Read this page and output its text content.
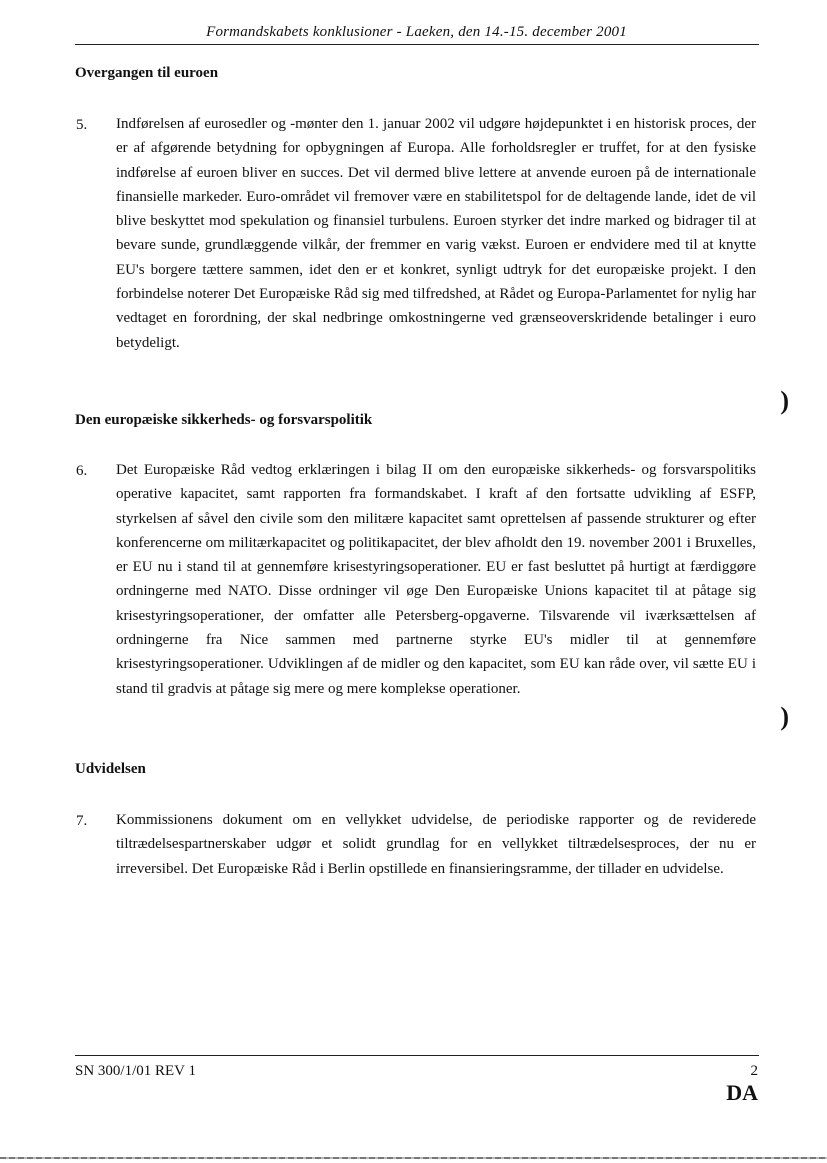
Formandskabets konklusioner - Laeken, den 14.-15. december 2001
Overgangen til euroen
5. Indførelsen af eurosedler og -mønter den 1. januar 2002 vil udgøre højdepunktet i en historisk proces, der er af afgørende betydning for opbygningen af Europa. Alle forholdsregler er truffet, for at den fysiske indførelse af euroen bliver en succes. Det vil dermed blive lettere at anvende euroen på de internationale finansielle markeder. Euro-området vil fremover være en stabilitetspol for de deltagende lande, idet de vil blive beskyttet mod spekulation og finansiel turbulens. Euroen styrker det indre marked og bidrager til at bevare sunde, grundlæggende vilkår, der fremmer en varig vækst. Euroen er endvidere med til at knytte EU's borgere tættere sammen, idet den er et konkret, synligt udtryk for det europæiske projekt. I den forbindelse noterer Det Europæiske Råd sig med tilfredshed, at Rådet og Europa-Parlamentet for nylig har vedtaget en forordning, der skal nedbringe omkostningerne ved grænseoverskridende betalinger i euro betydeligt.
Den europæiske sikkerheds- og forsvarspolitik
6. Det Europæiske Råd vedtog erklæringen i bilag II om den europæiske sikkerheds- og forsvarspolitiks operative kapacitet, samt rapporten fra formandskabet. I kraft af den fortsatte udvikling af ESFP, styrkelsen af såvel den civile som den militære kapacitet samt oprettelsen af passende strukturer og efter konferencerne om militærkapacitet og politikapacitet, der blev afholdt den 19. november 2001 i Bruxelles, er EU nu i stand til at gennemføre krisestyringsoperationer. EU er fast besluttet på hurtigt at færdiggøre ordningerne med NATO. Disse ordninger vil øge Den Europæiske Unions kapacitet til at påtage sig krisestyringsoperationer, der omfatter alle Petersberg-opgaverne. Tilsvarende vil iværksættelsen af ordningerne fra Nice sammen med partnerne styrke EU's midler til at gennemføre krisestyringsoperationer. Udviklingen af de midler og den kapacitet, som EU kan råde over, vil sætte EU i stand til gradvis at påtage sig mere og mere komplekse operationer.
Udvidelsen
7. Kommissionens dokument om en vellykket udvidelse, de periodiske rapporter og de reviderede tiltrædelsespartnerskaber udgør et solidt grundlag for en vellykket tiltrædelsesproces, der nu er irreversibel. Det Europæiske Råd i Berlin opstillede en finansieringsramme, der tillader en udvidelse.
)
)
SN 300/1/01 REV 1	2
DA
